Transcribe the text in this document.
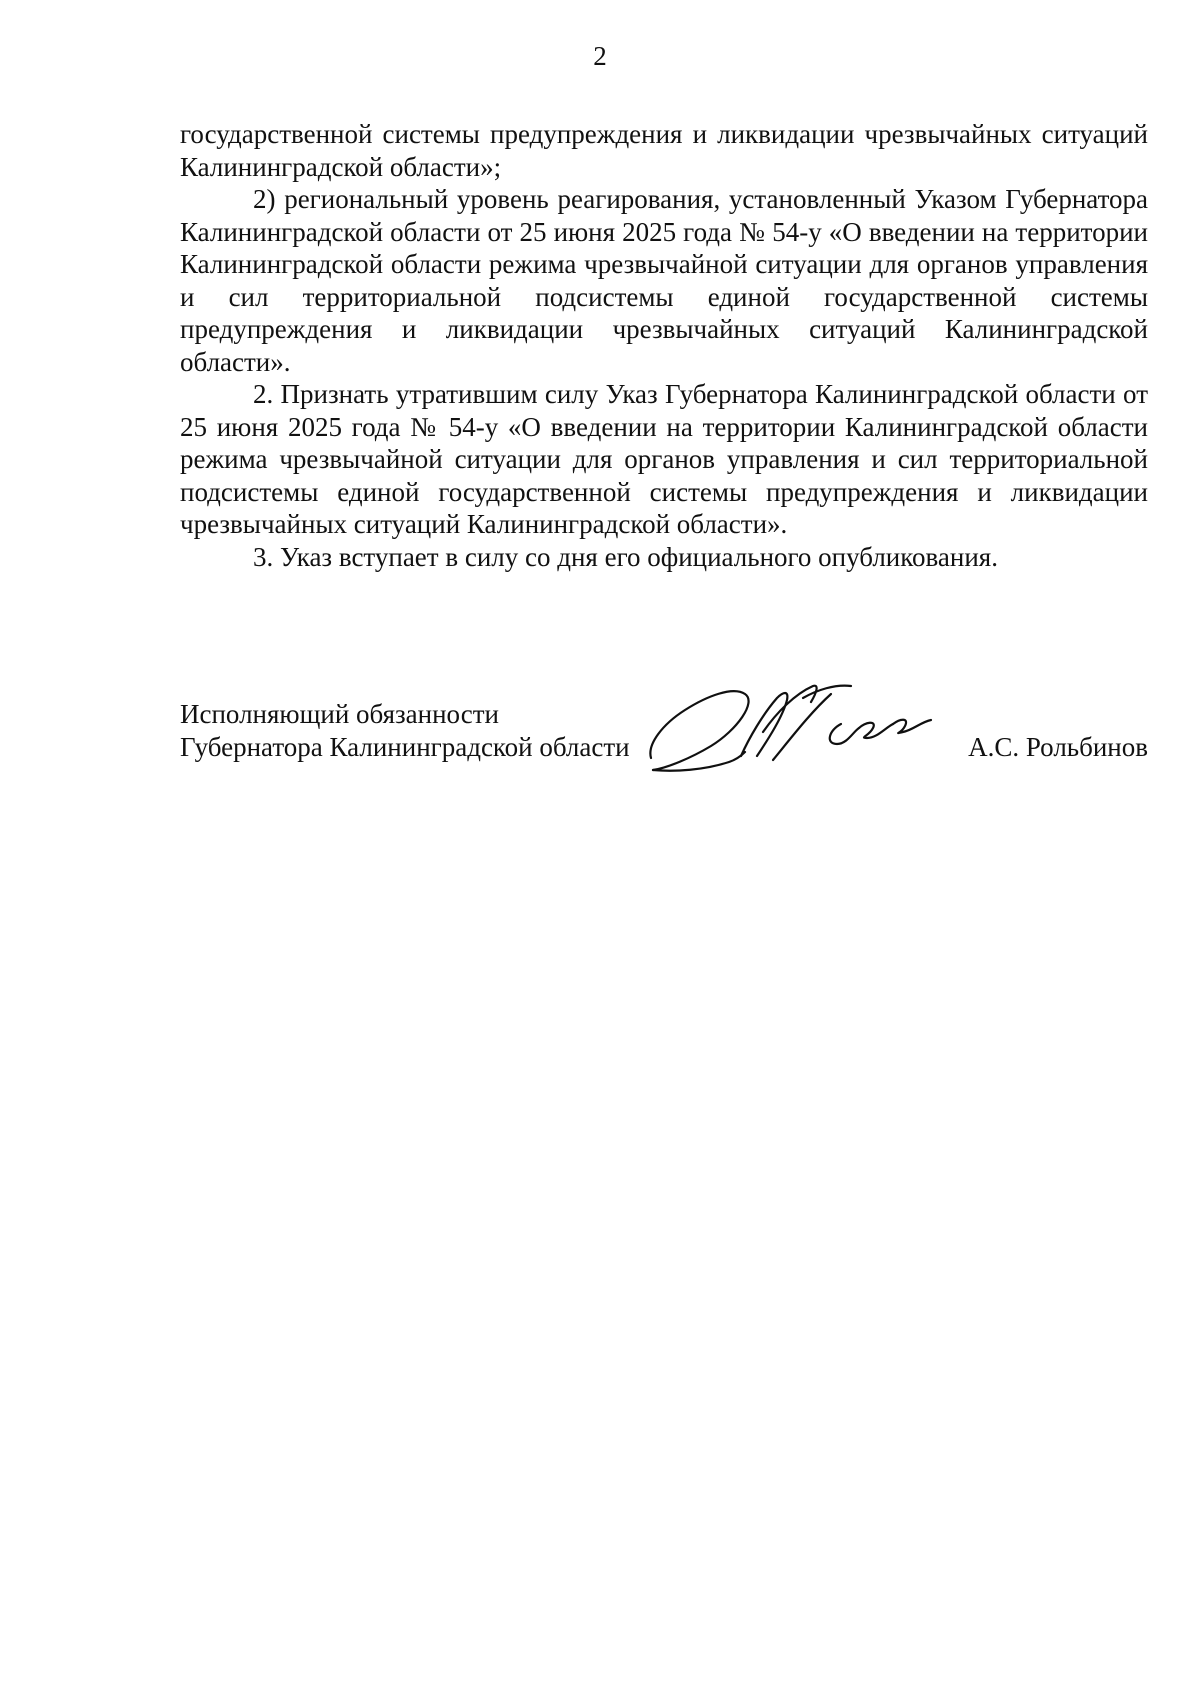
2

государственной системы предупреждения и ликвидации чрезвычайных ситуаций Калининградской области»;

2) региональный уровень реагирования, установленный Указом Губернатора Калининградской области от 25 июня 2025 года № 54-у «О введении на территории Калининградской области режима чрезвычайной ситуации для органов управления и сил территориальной подсистемы единой государственной системы предупреждения и ликвидации чрезвычайных ситуаций Калининградской области».

2. Признать утратившим силу Указ Губернатора Калининградской области от 25 июня 2025 года № 54-у «О введении на территории Калининградской области режима чрезвычайной ситуации для органов управления и сил территориальной подсистемы единой государственной системы предупреждения и ликвидации чрезвычайных ситуаций Калининградской области».

3. Указ вступает в силу со дня его официального опубликования.

Исполняющий обязанности
Губернатора Калининградской области	А.С. Рольбинов
